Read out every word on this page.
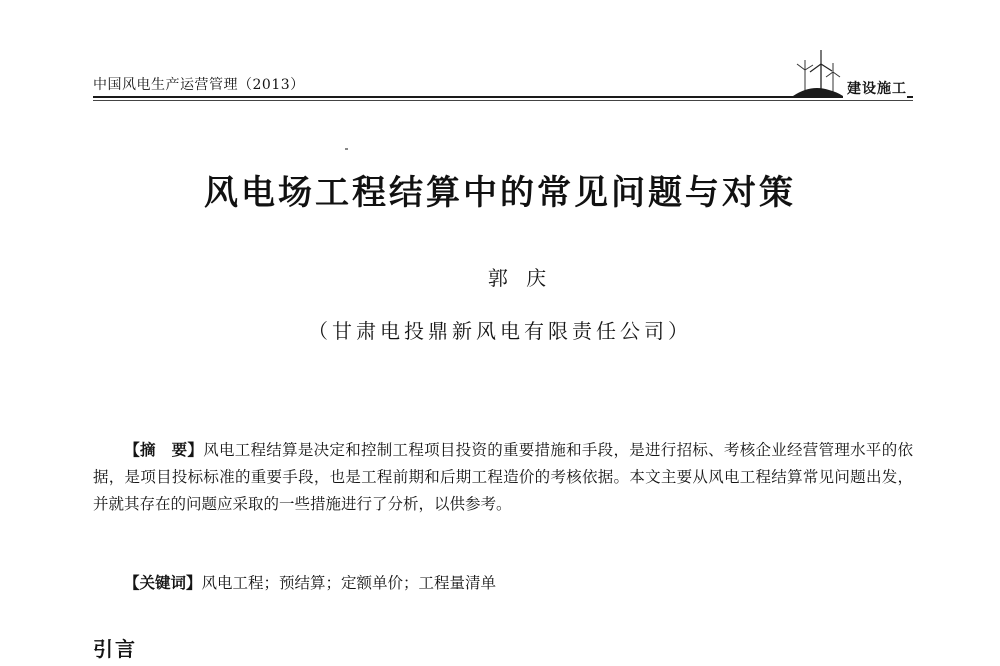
中国风电生产运营管理（2013）	建设施工
风电场工程结算中的常见问题与对策
郭 庆
（甘肃电投鼎新风电有限责任公司）
【摘　要】风电工程结算是决定和控制工程项目投资的重要措施和手段，是进行招标、考核企业经营管理水平的依据，是项目投标标准的重要手段，也是工程前期和后期工程造价的考核依据。本文主要从风电工程结算常见问题出发，并就其存在的问题应采取的一些措施进行了分析，以供参考。
【关键词】风电工程；预结算；定额单价；工程量清单
引言
